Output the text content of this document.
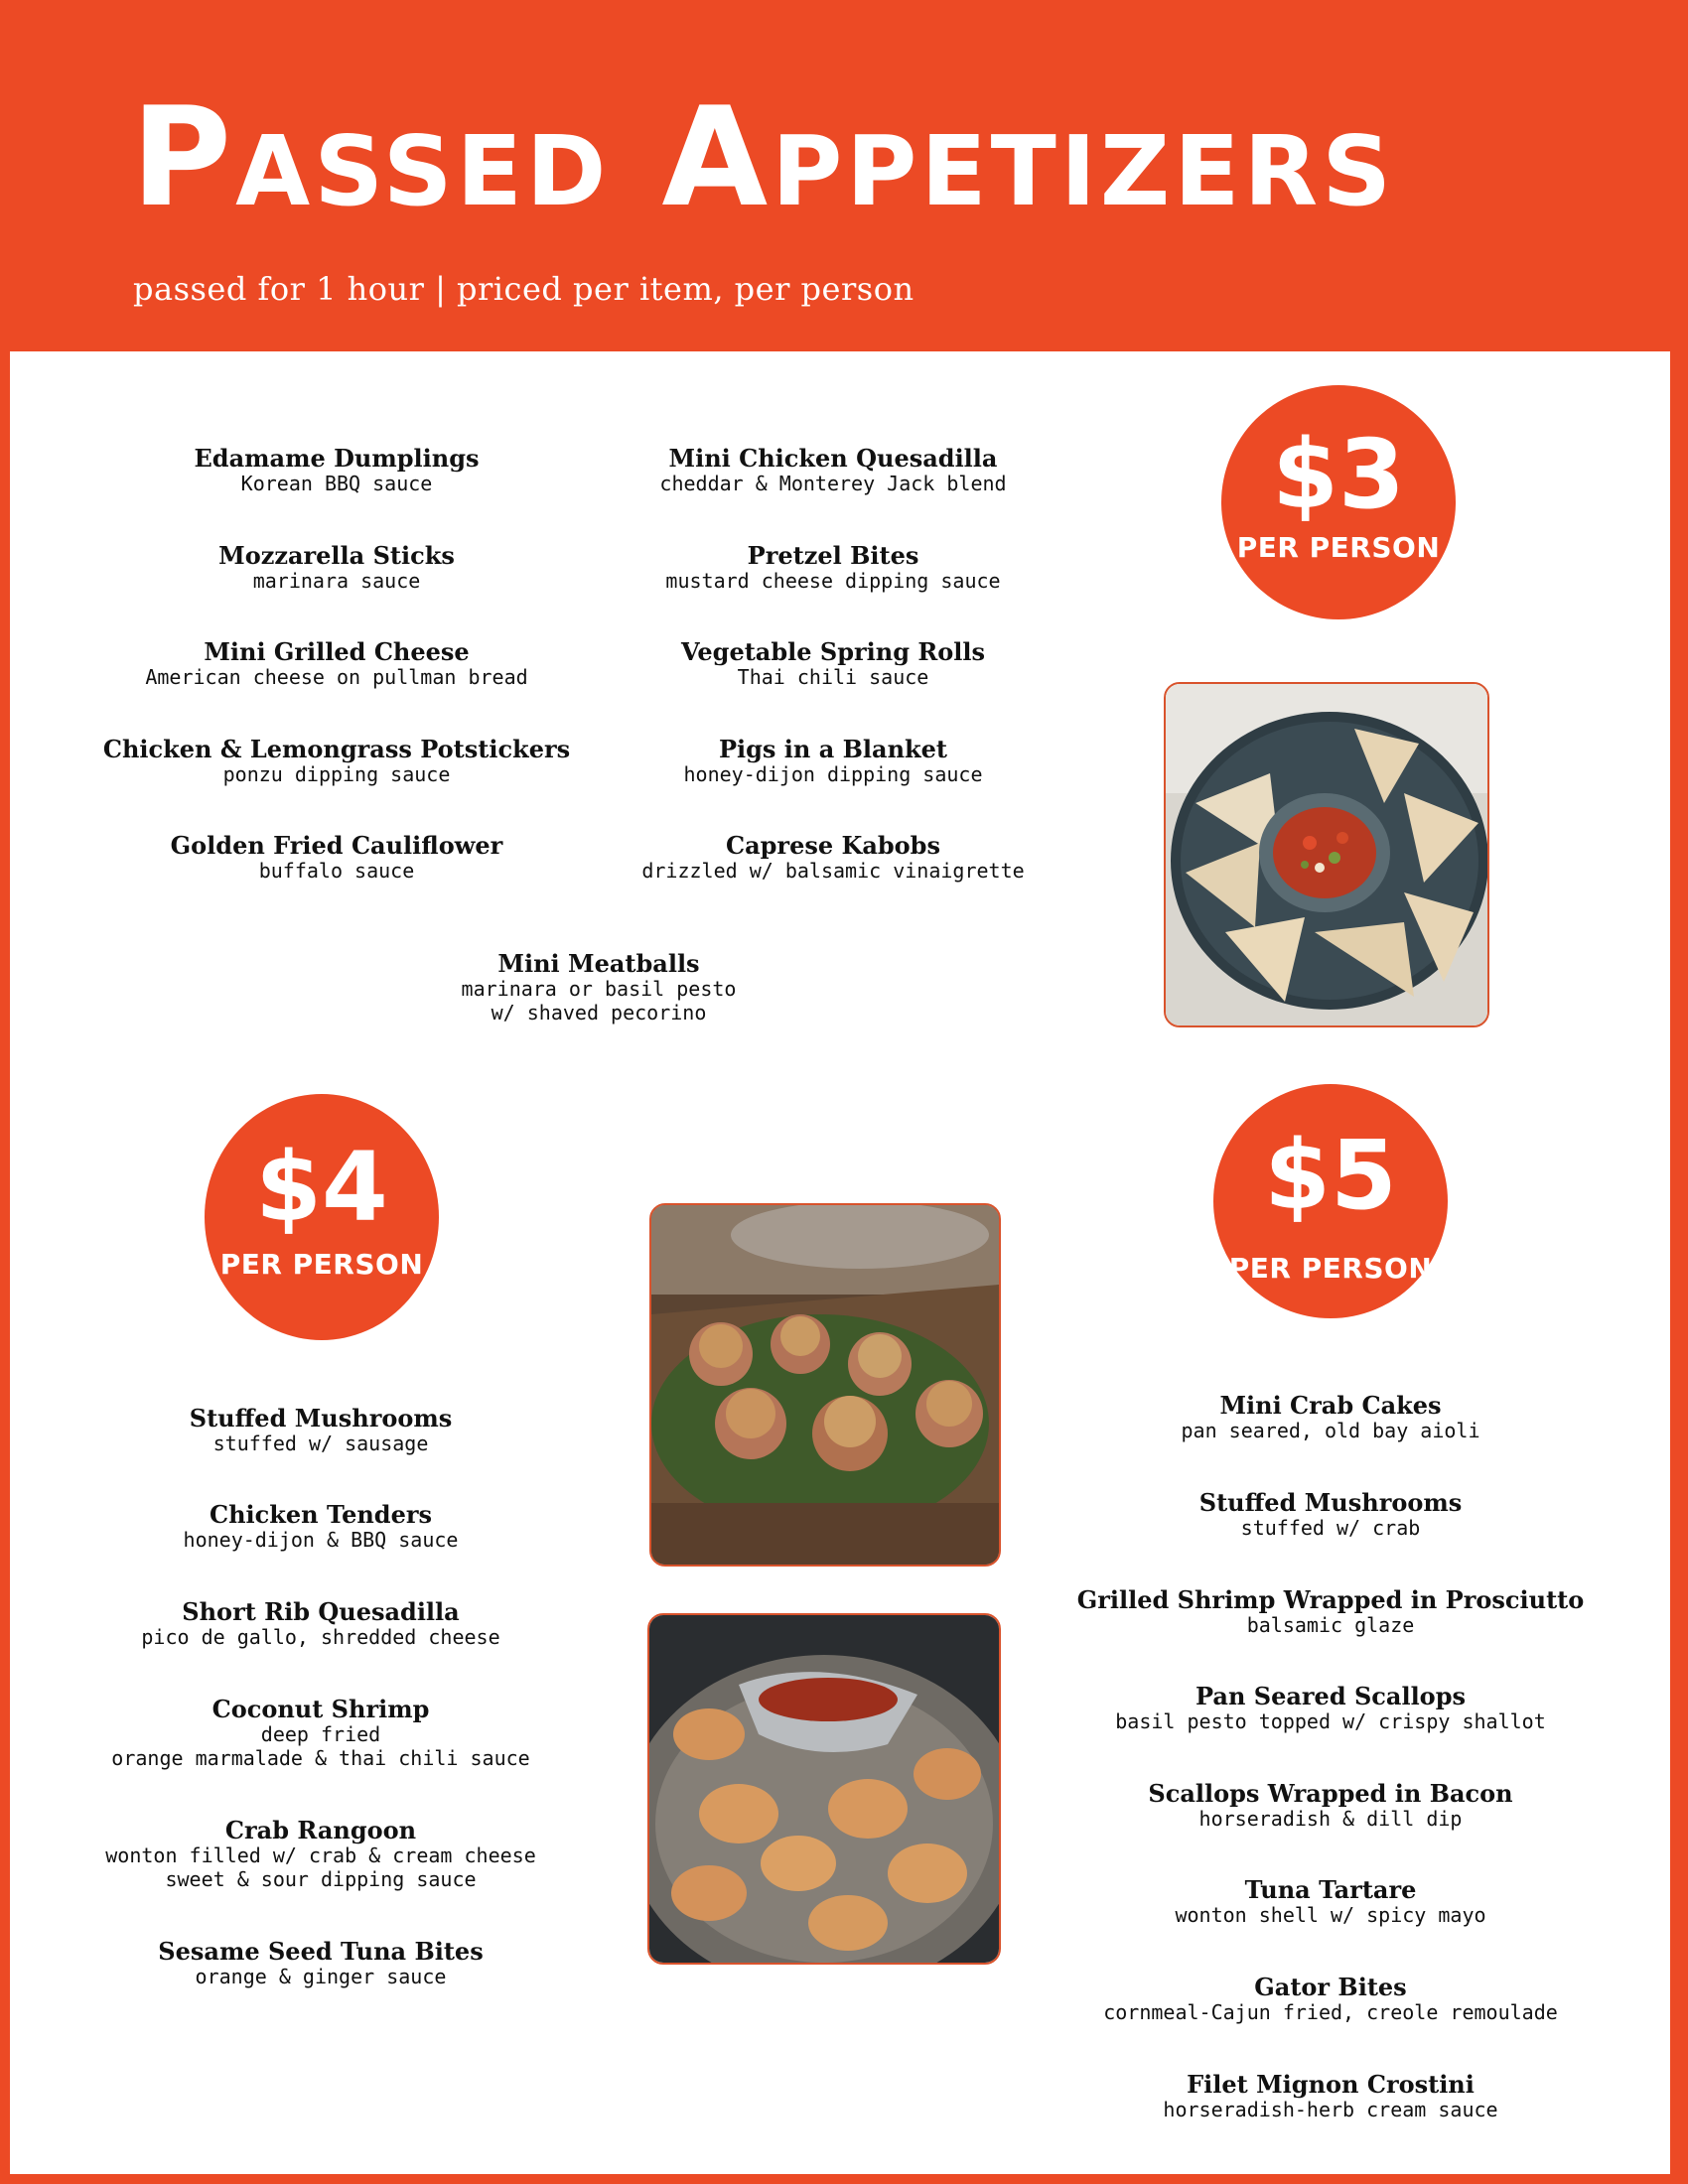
Passed Appetizers
passed for 1 hour | priced per item, per person
Edamame Dumplings
Korean BBQ sauce
Mozzarella Sticks
marinara sauce
Mini Grilled Cheese
American cheese on pullman bread
Chicken & Lemongrass Potstickers
ponzu dipping sauce
Golden Fried Cauliflower
buffalo sauce
Mini Chicken Quesadilla
cheddar & Monterey Jack blend
Pretzel Bites
mustard cheese dipping sauce
Vegetable Spring Rolls
Thai chili sauce
Pigs in a Blanket
honey-dijon dipping sauce
Caprese Kabobs
drizzled w/ balsamic vinaigrette
Mini Meatballs
marinara or basil pesto
w/ shaved pecorino
$3
PER PERSON
$4
PER PERSON
Stuffed Mushrooms
stuffed w/ sausage
Chicken Tenders
honey-dijon & BBQ sauce
Short Rib Quesadilla
pico de gallo, shredded cheese
Coconut Shrimp
deep fried
orange marmalade & thai chili sauce
Crab Rangoon
wonton filled w/ crab & cream cheese
sweet & sour dipping sauce
Sesame Seed Tuna Bites
orange & ginger sauce
$5
PER PERSON
Mini Crab Cakes
pan seared, old bay aioli
Stuffed Mushrooms
stuffed w/ crab
Grilled Shrimp Wrapped in Prosciutto
balsamic glaze
Pan Seared Scallops
basil pesto topped w/ crispy shallot
Scallops Wrapped in Bacon
horseradish & dill dip
Tuna Tartare
wonton shell w/ spicy mayo
Gator Bites
cornmeal-Cajun fried, creole remoulade
Filet Mignon Crostini
horseradish-herb cream sauce
